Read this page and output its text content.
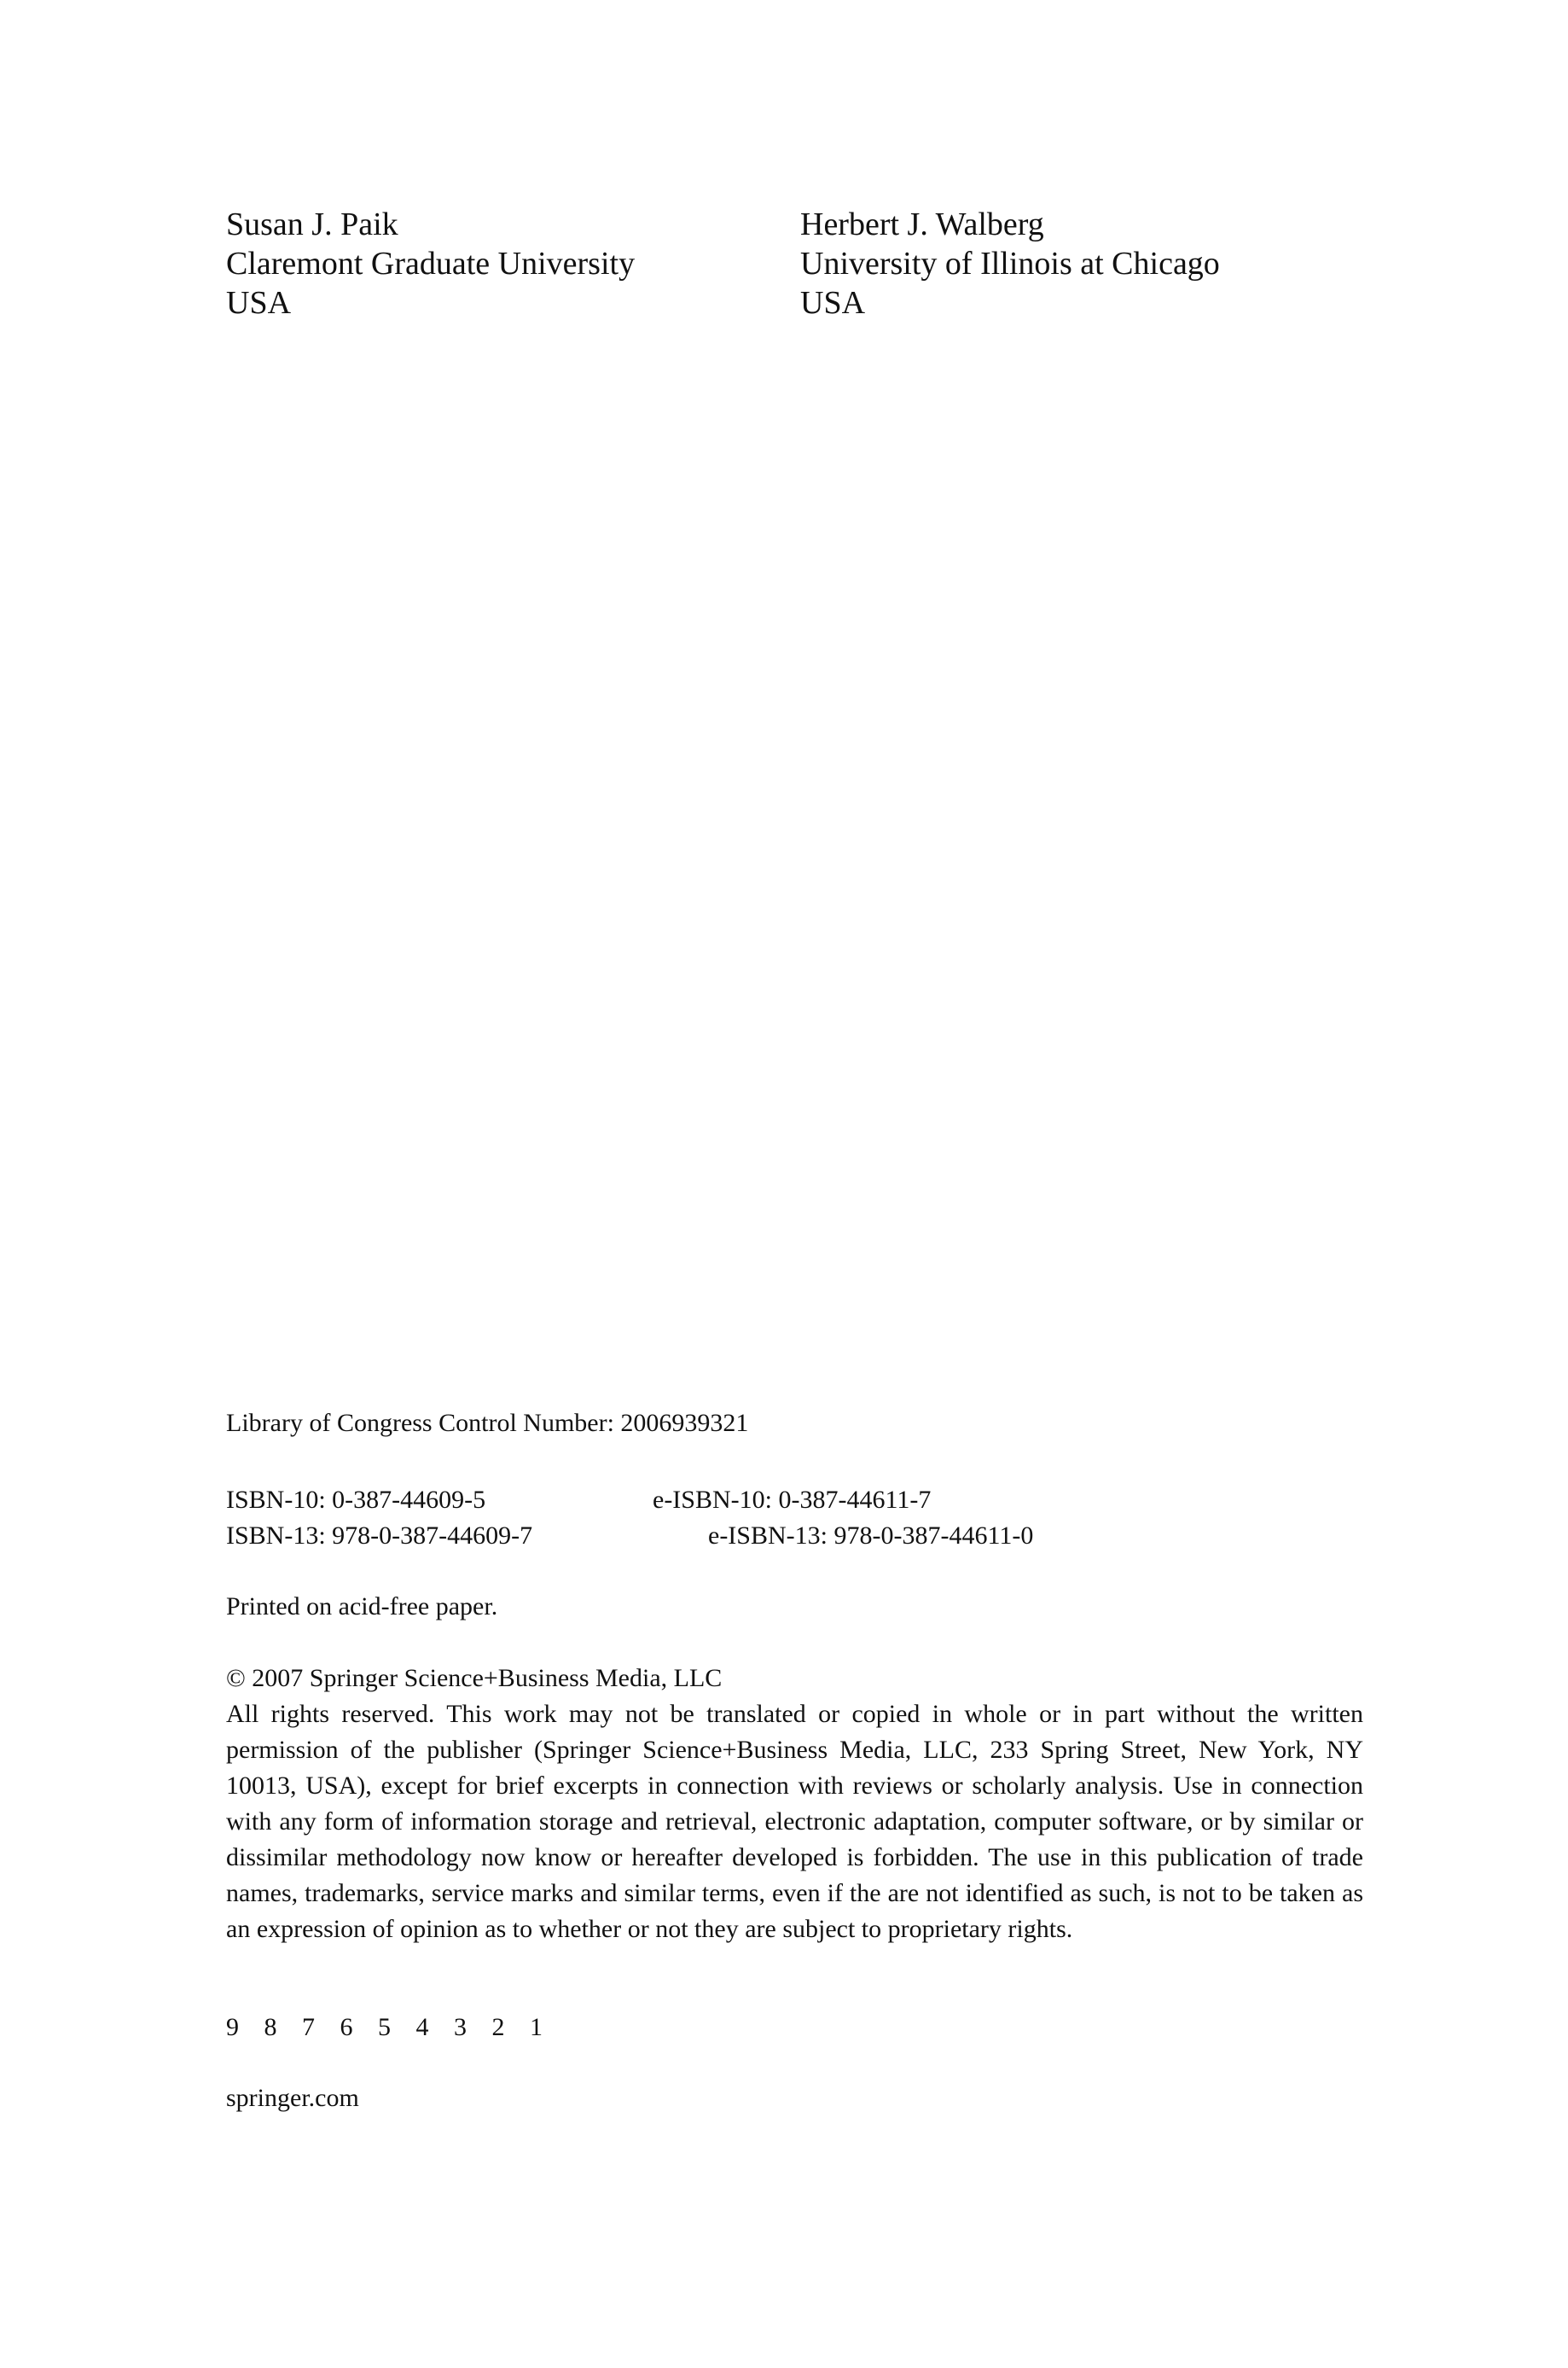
Susan J. Paik
Claremont Graduate University
USA
Herbert J. Walberg
University of Illinois at Chicago
USA
Library of Congress Control Number: 2006939321
ISBN-10: 0-387-44609-5	e-ISBN-10: 0-387-44611-7
ISBN-13: 978-0-387-44609-7	e-ISBN-13: 978-0-387-44611-0
Printed on acid-free paper.
© 2007 Springer Science+Business Media, LLC
All rights reserved. This work may not be translated or copied in whole or in part without the written permission of the publisher (Springer Science+Business Media, LLC, 233 Spring Street, New York, NY 10013, USA), except for brief excerpts in connection with reviews or scholarly analysis. Use in connection with any form of information storage and retrieval, electronic adaptation, computer software, or by similar or dissimilar methodology now know or hereafter developed is forbidden. The use in this publication of trade names, trademarks, service marks and similar terms, even if the are not identified as such, is not to be taken as an expression of opinion as to whether or not they are subject to proprietary rights.
9 8 7 6 5 4 3 2 1
springer.com
